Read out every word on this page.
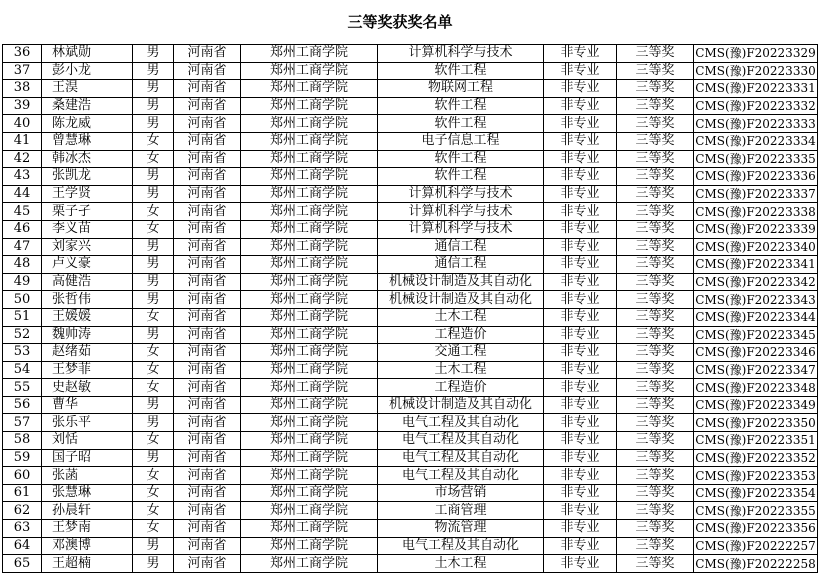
三等奖获奖名单
36	林斌勋	男	河南省	郑州工商学院	计算机科学与技术	非专业	三等奖	CMS(豫)F20223329
37	彭小龙	男	河南省	郑州工商学院	软件工程	非专业	三等奖	CMS(豫)F20223330
38	王淏	男	河南省	郑州工商学院	物联网工程	非专业	三等奖	CMS(豫)F20223331
39	桑建浩	男	河南省	郑州工商学院	软件工程	非专业	三等奖	CMS(豫)F20223332
40	陈龙威	男	河南省	郑州工商学院	软件工程	非专业	三等奖	CMS(豫)F20223333
41	曾慧琳	女	河南省	郑州工商学院	电子信息工程	非专业	三等奖	CMS(豫)F20223334
42	韩冰杰	女	河南省	郑州工商学院	软件工程	非专业	三等奖	CMS(豫)F20223335
43	张凯龙	男	河南省	郑州工商学院	软件工程	非专业	三等奖	CMS(豫)F20223336
44	王学贤	男	河南省	郑州工商学院	计算机科学与技术	非专业	三等奖	CMS(豫)F20223337
45	栗子孑	女	河南省	郑州工商学院	计算机科学与技术	非专业	三等奖	CMS(豫)F20223338
46	李义苗	女	河南省	郑州工商学院	计算机科学与技术	非专业	三等奖	CMS(豫)F20223339
47	刘家兴	男	河南省	郑州工商学院	通信工程	非专业	三等奖	CMS(豫)F20223340
48	卢义豪	男	河南省	郑州工商学院	通信工程	非专业	三等奖	CMS(豫)F20223341
49	高健浩	男	河南省	郑州工商学院	机械设计制造及其自动化	非专业	三等奖	CMS(豫)F20223342
50	张哲伟	男	河南省	郑州工商学院	机械设计制造及其自动化	非专业	三等奖	CMS(豫)F20223343
51	王媛媛	女	河南省	郑州工商学院	土木工程	非专业	三等奖	CMS(豫)F20223344
52	魏帅涛	男	河南省	郑州工商学院	工程造价	非专业	三等奖	CMS(豫)F20223345
53	赵绪茹	女	河南省	郑州工商学院	交通工程	非专业	三等奖	CMS(豫)F20223346
54	王梦菲	女	河南省	郑州工商学院	土木工程	非专业	三等奖	CMS(豫)F20223347
55	史赵敏	女	河南省	郑州工商学院	工程造价	非专业	三等奖	CMS(豫)F20223348
56	曹华	男	河南省	郑州工商学院	机械设计制造及其自动化	非专业	三等奖	CMS(豫)F20223349
57	张乐平	男	河南省	郑州工商学院	电气工程及其自动化	非专业	三等奖	CMS(豫)F20223350
58	刘恬	女	河南省	郑州工商学院	电气工程及其自动化	非专业	三等奖	CMS(豫)F20223351
59	国子昭	男	河南省	郑州工商学院	电气工程及其自动化	非专业	三等奖	CMS(豫)F20223352
60	张菡	女	河南省	郑州工商学院	电气工程及其自动化	非专业	三等奖	CMS(豫)F20223353
61	张慧琳	女	河南省	郑州工商学院	市场营销	非专业	三等奖	CMS(豫)F20223354
62	孙晨轩	女	河南省	郑州工商学院	工商管理	非专业	三等奖	CMS(豫)F20223355
63	王梦南	女	河南省	郑州工商学院	物流管理	非专业	三等奖	CMS(豫)F20223356
64	邓澳博	男	河南省	郑州工商学院	电气工程及其自动化	非专业	三等奖	CMS(豫)F20222257
65	王超楠	男	河南省	郑州工商学院	土木工程	非专业	三等奖	CMS(豫)F20222258
